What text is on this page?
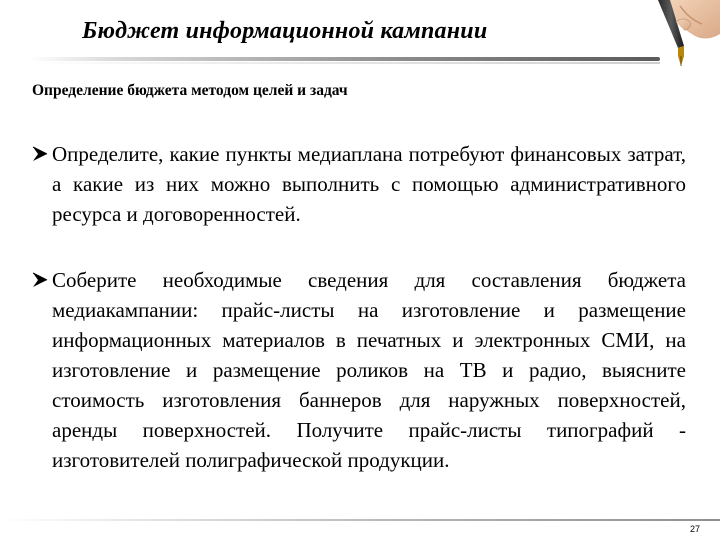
Бюджет информационной кампании
Определение бюджета методом целей и задач
Определите, какие пункты медиаплана потребуют финансовых затрат, а какие из них можно выполнить с помощью административного ресурса и договоренностей.
Соберите необходимые сведения для составления бюджета медиакампании: прайс-листы на изготовление и размещение информационных материалов в печатных и электронных СМИ, на изготовление и размещение роликов на ТВ и радио, выясните стоимость изготовления баннеров для наружных поверхностей, аренды поверхностей. Получите прайс-листы типографий - изготовителей полиграфической продукции.
27
